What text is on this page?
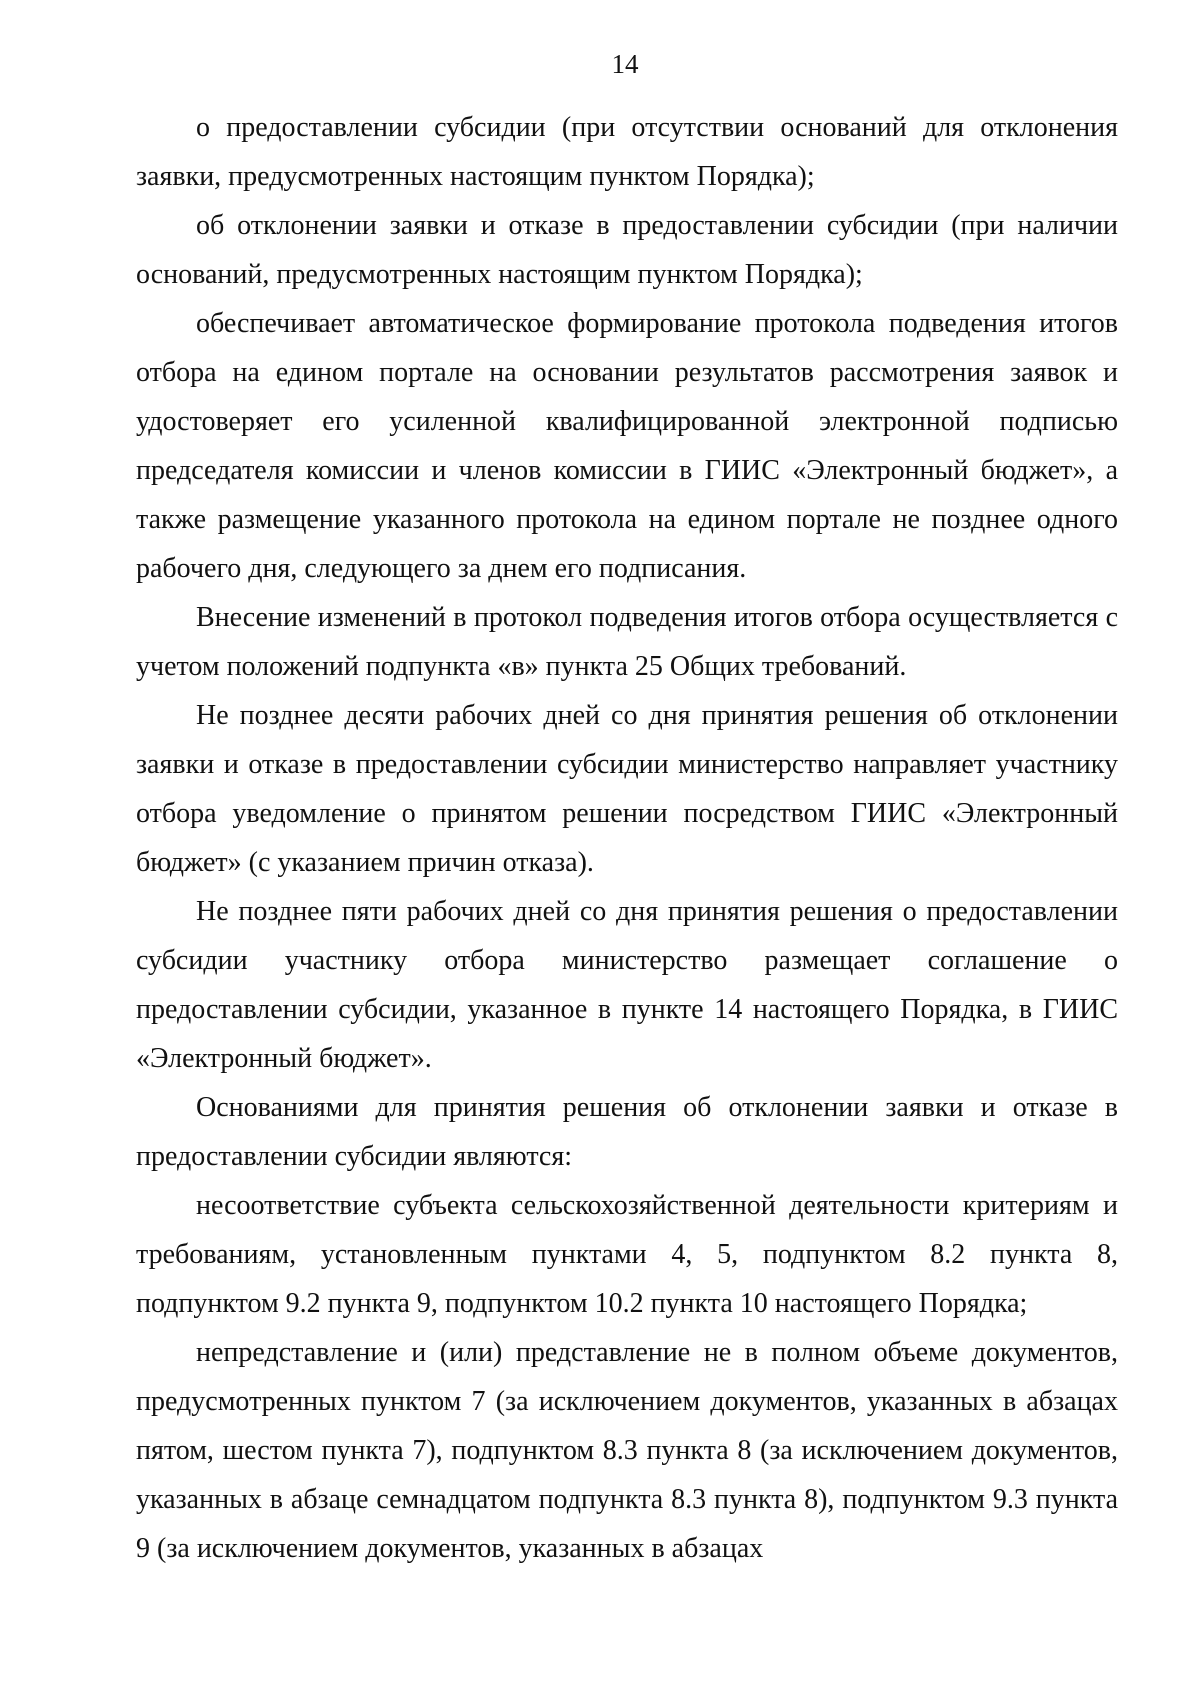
14

о предоставлении субсидии (при отсутствии оснований для отклонения заявки, предусмотренных настоящим пунктом Порядка);

об отклонении заявки и отказе в предоставлении субсидии (при наличии оснований, предусмотренных настоящим пунктом Порядка);

обеспечивает автоматическое формирование протокола подведения итогов отбора на едином портале на основании результатов рассмотрения заявок и удостоверяет его усиленной квалифицированной электронной подписью председателя комиссии и членов комиссии в ГИИС «Электронный бюджет», а также размещение указанного протокола на едином портале не позднее одного рабочего дня, следующего за днем его подписания.

Внесение изменений в протокол подведения итогов отбора осуществляется с учетом положений подпункта «в» пункта 25 Общих требований.

Не позднее десяти рабочих дней со дня принятия решения об отклонении заявки и отказе в предоставлении субсидии министерство направляет участнику отбора уведомление о принятом решении посредством ГИИС «Электронный бюджет» (с указанием причин отказа).

Не позднее пяти рабочих дней со дня принятия решения о предоставлении субсидии участнику отбора министерство размещает соглашение о предоставлении субсидии, указанное в пункте 14 настоящего Порядка, в ГИИС «Электронный бюджет».

Основаниями для принятия решения об отклонении заявки и отказе в предоставлении субсидии являются:

несоответствие субъекта сельскохозяйственной деятельности критериям и требованиям, установленным пунктами 4, 5, подпунктом 8.2 пункта 8, подпунктом 9.2 пункта 9, подпунктом 10.2 пункта 10 настоящего Порядка;

непредставление и (или) представление не в полном объеме документов, предусмотренных пунктом 7 (за исключением документов, указанных в абзацах пятом, шестом пункта 7), подпунктом 8.3 пункта 8 (за исключением документов, указанных в абзаце семнадцатом подпункта 8.3 пункта 8), подпунктом 9.3 пункта 9 (за исключением документов, указанных в абзацах
